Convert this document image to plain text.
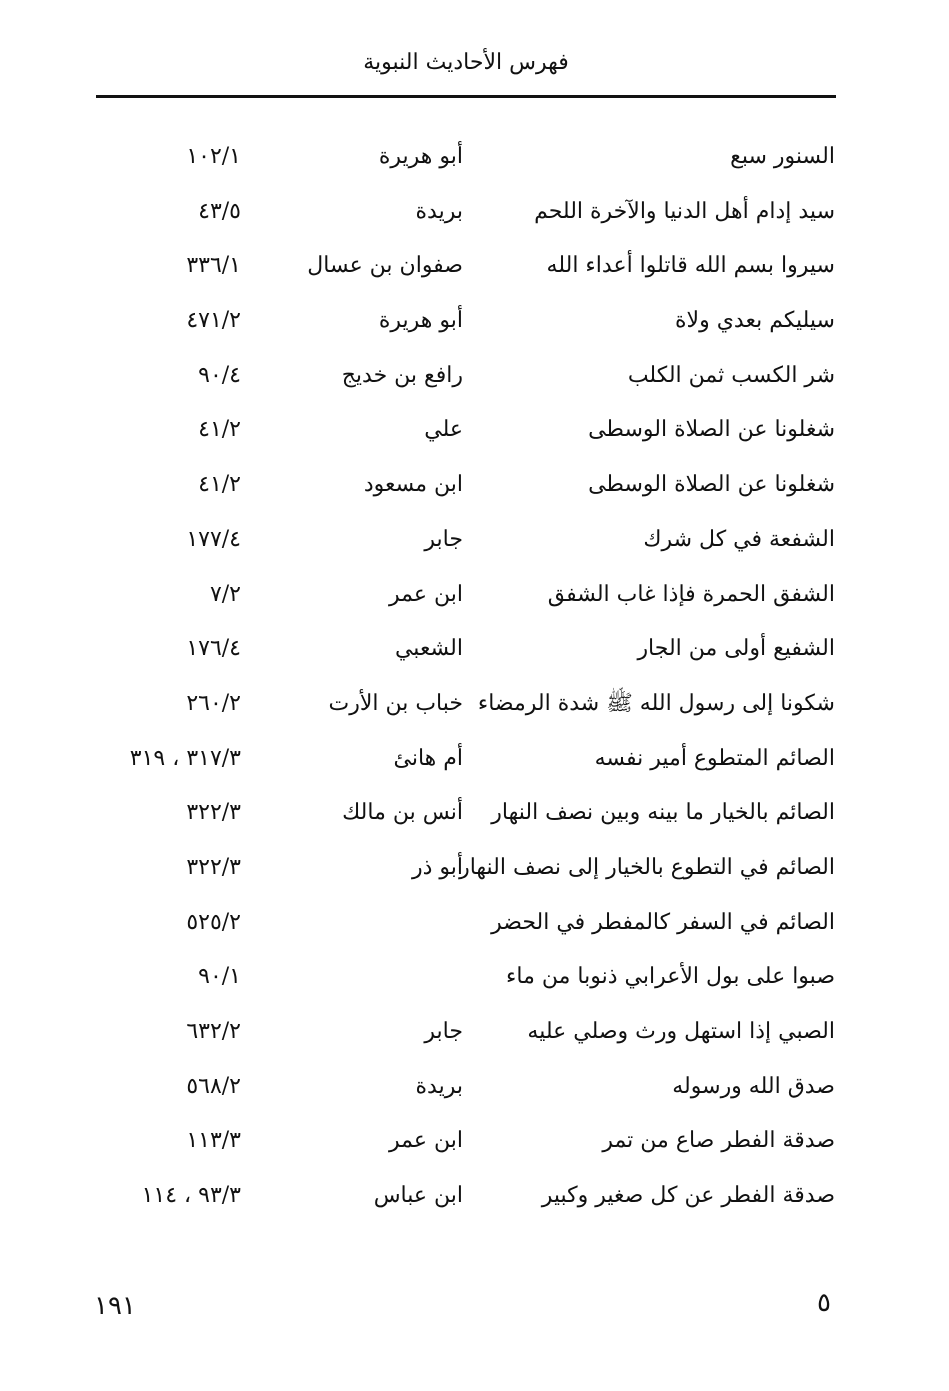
فهرس الأحاديث النبوية
السنور سبع
أبو هريرة
١٠٢/١
سيد إدام أهل الدنيا والآخرة اللحم
بريدة
٤٣/٥
سيروا بسم الله قاتلوا أعداء الله
صفوان بن عسال
٣٣٦/١
سيليكم بعدي ولاة
أبو هريرة
٤٧١/٢
شر الكسب ثمن الكلب
رافع بن خديج
٩٠/٤
شغلونا عن الصلاة الوسطى
علي
٤١/٢
شغلونا عن الصلاة الوسطى
ابن مسعود
٤١/٢
الشفعة في كل شرك
جابر
١٧٧/٤
الشفق الحمرة فإذا غاب الشفق
ابن عمر
٧/٢
الشفيع أولى من الجار
الشعبي
١٧٦/٤
شكونا إلى رسول الله ﷺ شدة الرمضاء
خباب بن الأرت
٢٦٠/٢
الصائم المتطوع أمير نفسه
أم هانئ
٣١٧/٣ ، ٣١٩
الصائم بالخيار ما بينه وبين نصف النهار
أنس بن مالك
٣٢٢/٣
الصائم في التطوع بالخيار إلى نصف النهار
أبو ذر
٣٢٢/٣
الصائم في السفر كالمفطر في الحضر
٥٢٥/٢
صبوا على بول الأعرابي ذنوبا من ماء
٩٠/١
الصبي إذا استهل ورث وصلي عليه
جابر
٦٣٢/٢
صدق الله ورسوله
بريدة
٥٦٨/٢
صدقة الفطر صاع من تمر
ابن عمر
١١٣/٣
صدقة الفطر عن كل صغير وكبير
ابن عباس
٩٣/٣ ، ١١٤
١٩١	٥
